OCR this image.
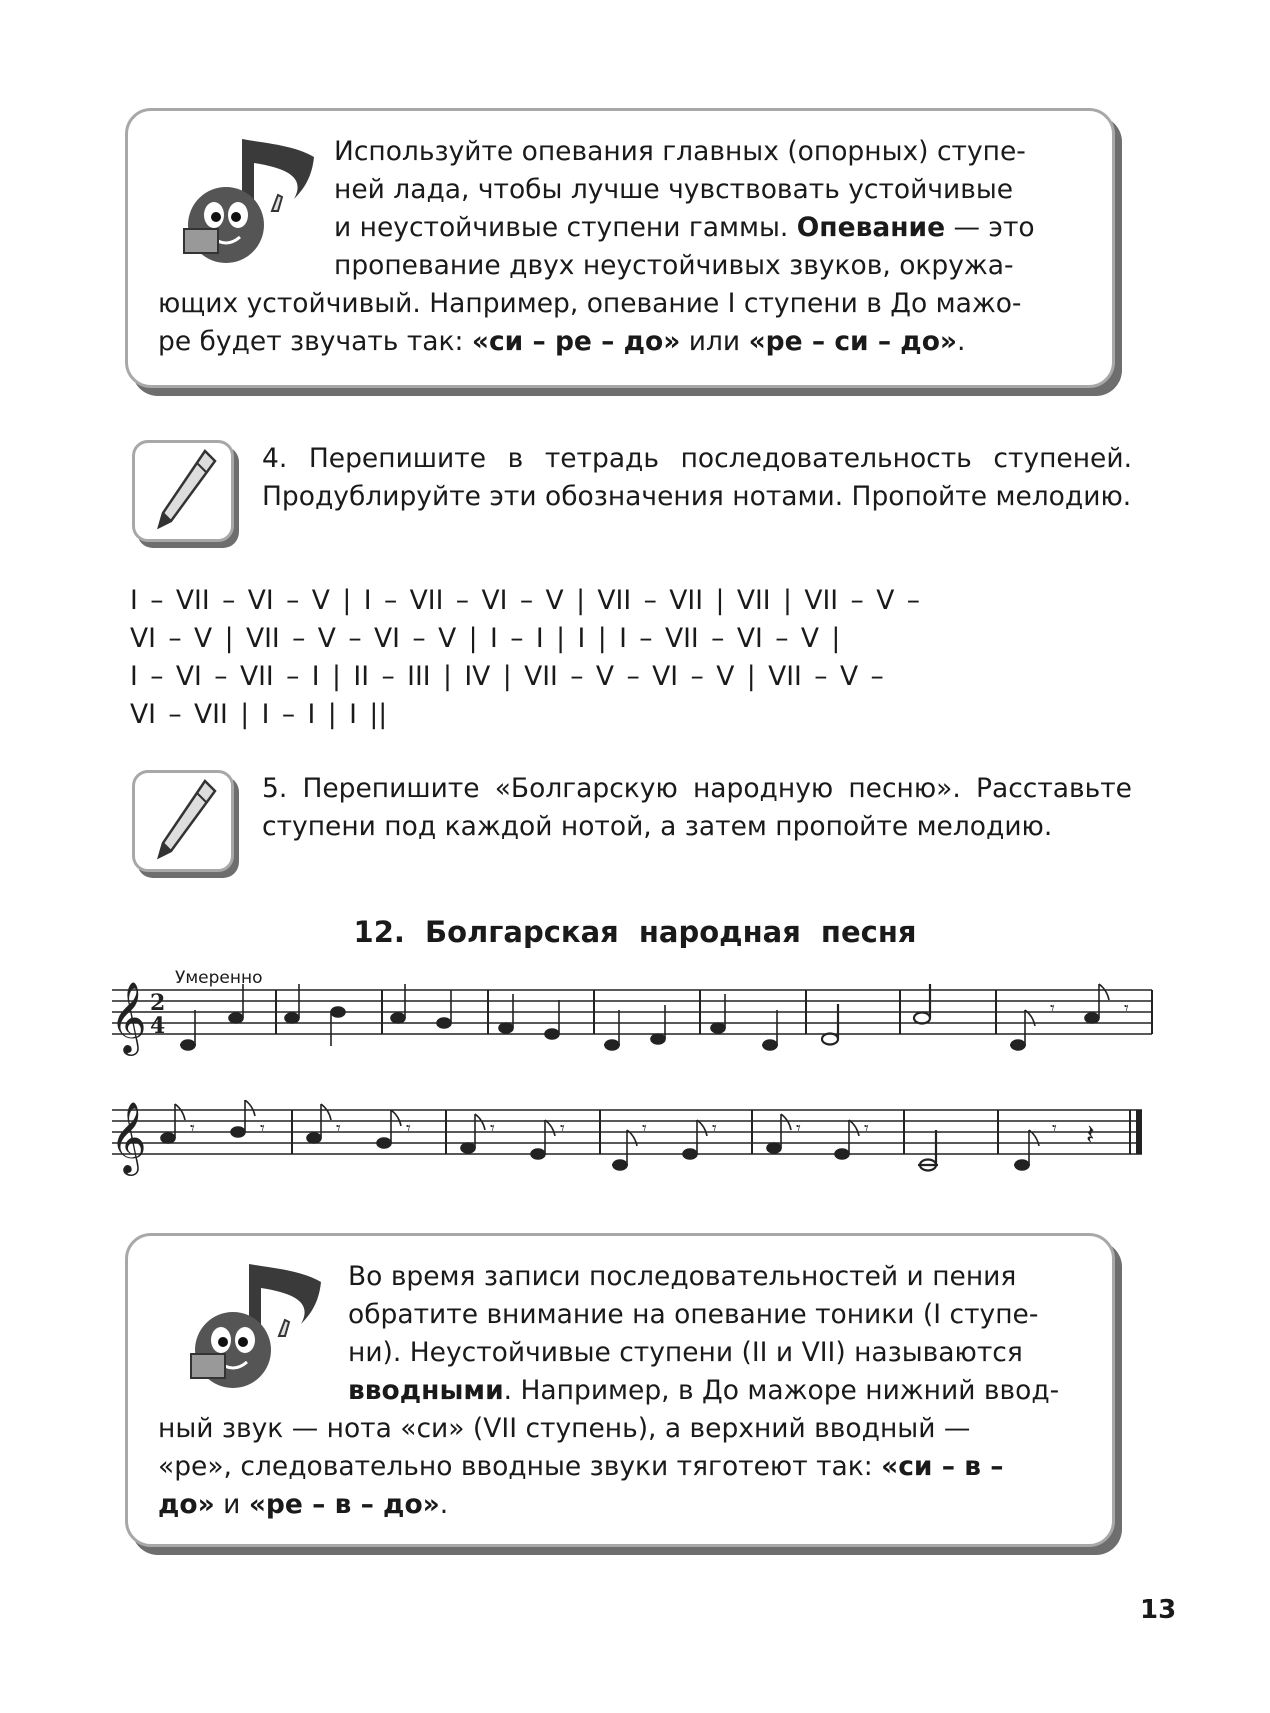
Используйте опевания главных (опорных) ступе-
ней лада, чтобы лучше чувствовать устойчивые
и неустойчивые ступени гаммы. Опевание — это
пропевание двух неустойчивых звуков, окружа-
ющих устойчивый. Например, опевание I ступени в До мажо-
ре будет звучать так: «си – ре – до» или «ре – си – до».

4. Перепишите в тетрадь последовательность ступеней. Продублируйте эти обозначения нотами. Пропойте мелодию.

I – VII – VI – V | I – VII – VI – V | VII – VII | VII | VII – V –
VI – V | VII – V – VI – V | I – I | I | I – VII – VI – V |
I – VI – VII – I | II – III | IV | VII – V – VI – V | VII – V –
VI – VII | I – I | I ||

5. Перепишите «Болгарскую народную песню». Расставьте ступени под каждой нотой, а затем пропойте мелодию.

12. Болгарская народная песня

Умеренно

𝄞 2
4
𝄾	𝄾
𝄞 𝄾	𝄾	𝄾	𝄾	𝄾	𝄾	𝄾	𝄾	𝄾	𝄾	𝄾 𝄽

Во время записи последовательностей и пения
обратите внимание на опевание тоники (I ступе-
ни). Неустойчивые ступени (II и VII) называются
вводными. Например, в До мажоре нижний ввод-
ный звук — нота «си» (VII ступень), а верхний вводный —
«ре», следовательно вводные звуки тяготеют так: «си – в –
до» и «ре – в – до».

13
